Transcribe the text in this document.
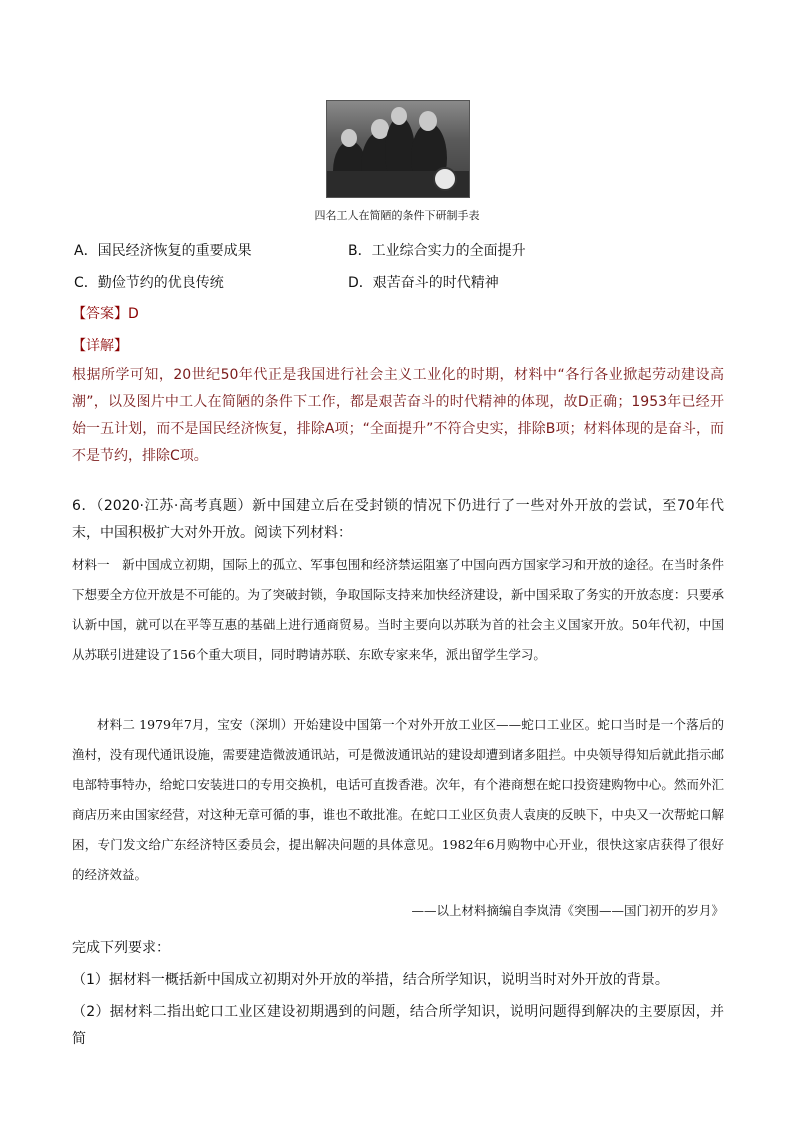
四名工人在简陋的条件下研制手表
A．国民经济恢复的重要成果	B．工业综合实力的全面提升
C．勤俭节约的优良传统	D．艰苦奋斗的时代精神
【答案】D
【详解】
根据所学可知，20世纪50年代正是我国进行社会主义工业化的时期，材料中“各行各业掀起劳动建设高潮”，以及图片中工人在简陋的条件下工作，都是艰苦奋斗的时代精神的体现，故D正确；1953年已经开始一五计划，而不是国民经济恢复，排除A项；“全面提升”不符合史实，排除B项；材料体现的是奋斗，而不是节约，排除C项。
6．（2020·江苏·高考真题）新中国建立后在受封锁的情况下仍进行了一些对外开放的尝试，至70年代末，中国积极扩大对外开放。阅读下列材料：
材料一　新中国成立初期，国际上的孤立、军事包围和经济禁运阻塞了中国向西方国家学习和开放的途径。在当时条件下想要全方位开放是不可能的。为了突破封锁，争取国际支持来加快经济建设，新中国采取了务实的开放态度：只要承认新中国，就可以在平等互惠的基础上进行通商贸易。当时主要向以苏联为首的社会主义国家开放。50年代初，中国从苏联引进建设了156个重大项目，同时聘请苏联、东欧专家来华，派出留学生学习。
材料二 1979年7月，宝安（深圳）开始建设中国第一个对外开放工业区——蛇口工业区。蛇口当时是一个落后的渔村，没有现代通讯设施，需要建造微波通讯站，可是微波通讯站的建设却遭到诸多阻拦。中央领导得知后就此指示邮电部特事特办，给蛇口安装进口的专用交换机，电话可直拨香港。次年，有个港商想在蛇口投资建购物中心。然而外汇商店历来由国家经营，对这种无章可循的事，谁也不敢批准。在蛇口工业区负责人袁庚的反映下，中央又一次帮蛇口解困，专门发文给广东经济特区委员会，提出解决问题的具体意见。1982年6月购物中心开业，很快这家店获得了很好的经济效益。
——以上材料摘编自李岚清《突围——国门初开的岁月》
完成下列要求：
（1）据材料一概括新中国成立初期对外开放的举措，结合所学知识，说明当时对外开放的背景。
（2）据材料二指出蛇口工业区建设初期遇到的问题，结合所学知识，说明问题得到解决的主要原因，并简
